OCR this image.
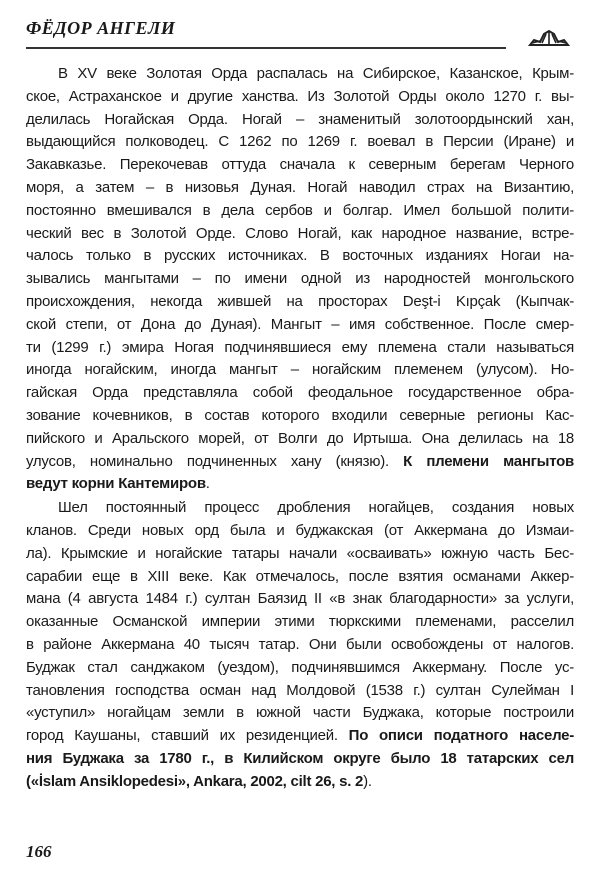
ФЁДОР АНГЕЛИ
В XV веке Золотая Орда распалась на Сибирское, Казанское, Крым-
ское, Астраханское и другие ханства. Из Золотой Орды около 1270 г. вы-
делилась Ногайская Орда. Ногай – знаменитый золотоордынский хан,
выдающийся полководец. С 1262 по 1269 г. воевал в Персии (Иране) и
Закавказье. Перекочевав оттуда сначала к северным берегам Черного
моря, а затем – в низовья Дуная. Ногай наводил страх на Византию,
постоянно вмешивался в дела сербов и болгар. Имел большой полити-
ческий вес в Золотой Орде. Слово Ногай, как народное название, встре-
чалось только в русских источниках. В восточных изданиях Ногаи на-
зывались мангытами – по имени одной из народностей монгольского
происхождения, некогда жившей на просторах Deşt-i Kıpçak (Кыпчак-
ской степи, от Дона до Дуная). Мангыт – имя собственное. После смер-
ти (1299 г.) эмира Ногая подчинявшиеся ему племена стали называться
иногда ногайским, иногда мангыт – ногайским племенем (улусом). Но-
гайская Орда представляла собой феодальное государственное обра-
зование кочевников, в состав которого входили северные регионы Кас-
пийского и Аральского морей, от Волги до Иртыша. Она делилась на 18
улусов, номинально подчиненных хану (князю). К племени мангытов
ведут корни Кантемиров.
Шел постоянный процесс дробления ногайцев, создания новых
кланов. Среди новых орд была и буджакская (от Аккермана до Измаи-
ла). Крымские и ногайские татары начали «осваивать» южную часть Бес-
сарабии еще в XIII веке. Как отмечалось, после взятия османами Аккер-
мана (4 августа 1484 г.) султан Баязид II «в знак благодарности» за услуги,
оказанные Османской империи этими тюркскими племенами, расселил
в районе Аккермана 40 тысяч татар. Они были освобождены от налогов.
Буджак стал санджаком (уездом), подчинявшимся Аккерману. После ус-
тановления господства осман над Молдовой (1538 г.) султан Сулейман I
«уступил» ногайцам земли в южной части Буджака, которые построили
город Каушаны, ставший их резиденцией. По описи податного населе-
ния Буджака за 1780 г., в Килийском округе было 18 татарских сел
(«İslam Ansiklopedesi», Ankara, 2002, cilt 26, s. 2).
166
